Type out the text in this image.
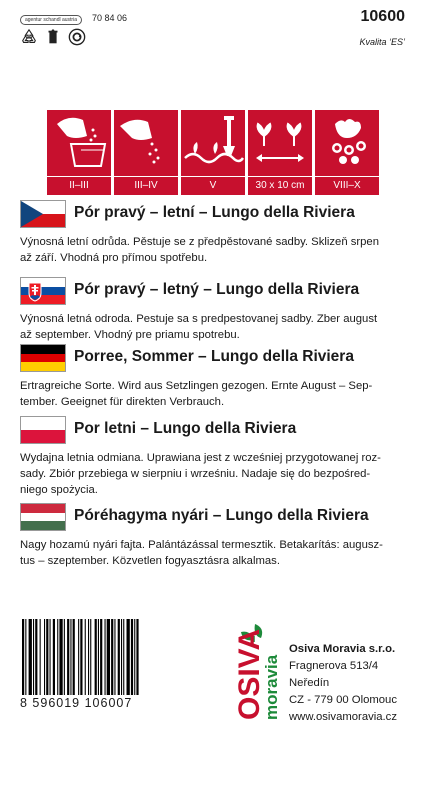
agentur schandl austria	70 84 06	10600
Kvalita ‘ES’
II–III	III–IV	V	30 x 10 cm	VIII–X
Pór pravý – letní – Lungo della Riviera
Výnosná letní odrůda. Pěstuje se z předpěstované sadby. Sklizeň srpen
až září. Vhodná pro přímou spotřebu.
Pór pravý – letný – Lungo della Riviera
Výnosná letná odroda. Pestuje sa s predpestovanej sadby. Zber august
až september. Vhodný pre priamu spotrebu.
Porree, Sommer – Lungo della Riviera
Ertragreiche Sorte. Wird aus Setzlingen gezogen. Ernte August – Sep-
tember. Geeignet für direkten Verbrauch.
Por letni – Lungo della Riviera
Wydajna letnia odmiana. Uprawiana jest z wcześniej przygotowanej roz-
sady. Zbiór przebiega w sierpniu i wrześniu. Nadaje się do bezpośred-
niego spożycia.
Póréhagyma nyári – Lungo della Riviera
Nagy hozamú nyári fajta. Palántázással termesztik. Betakarítás: augusz-
tus – szeptember. Közvetlen fogyasztásra alkalmas.
8 596019 106007	OSIVA
moravia
Osiva Moravia s.r.o.
Fragnerova 513/4
Neředín
CZ - 779 00 Olomouc
www.osivamoravia.cz
